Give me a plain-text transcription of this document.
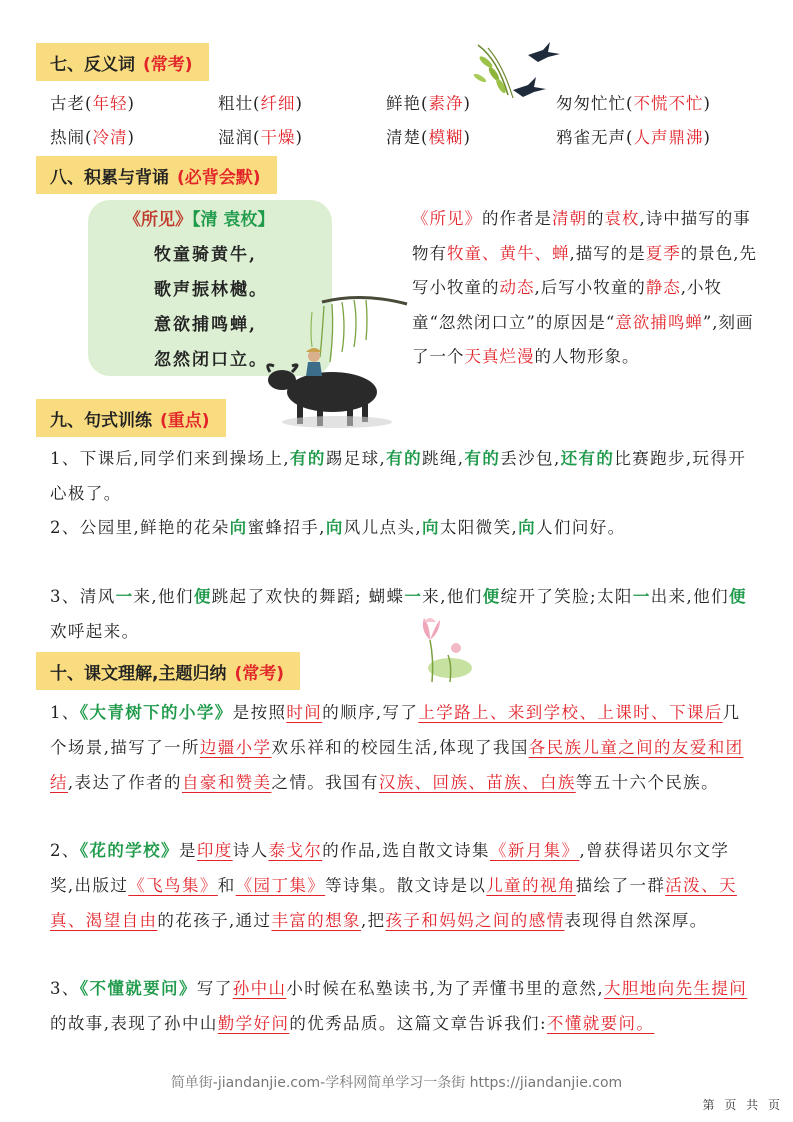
七、反义词 (常考)
古老(年轻)	粗壮(纤细)	鲜艳(素净)	匆匆忙忙(不慌不忙)
热闹(冷清)	湿润(干燥)	清楚(模糊)	鸦雀无声(人声鼎沸)
八、积累与背诵 (必背会默)
《所见》【清 袁枚】
牧童骑黄牛,
歌声振林樾。
意欲捕鸣蝉,
忽然闭口立。
《所见》的作者是清朝的袁枚,诗中描写的事物有牧童、黄牛、蝉,描写的是夏季的景色,先写小牧童的动态,后写小牧童的静态,小牧童“忽然闭口立”的原因是“意欲捕鸣蝉”,刻画了一个天真烂漫的人物形象。
九、句式训练 (重点)
1、下课后,同学们来到操场上,有的踢足球,有的跳绳,有的丢沙包,还有的比赛跑步,玩得开心极了。
2、公园里,鲜艳的花朵向蜜蜂招手,向风儿点头,向太阳微笑,向人们问好。
3、清风一来,他们便跳起了欢快的舞蹈; 蝴蝶一来,他们便绽开了笑脸;太阳一出来,他们便欢呼起来。
十、课文理解,主题归纳 (常考)
1、《大青树下的小学》是按照时间的顺序,写了上学路上、来到学校、上课时、下课后几个场景,描写了一所边疆小学欢乐祥和的校园生活,体现了我国各民族儿童之间的友爱和团结,表达了作者的自豪和赞美之情。我国有汉族、回族、苗族、白族等五十六个民族。
2、《花的学校》是印度诗人泰戈尔的作品,选自散文诗集《新月集》,曾获得诺贝尔文学奖,出版过《飞鸟集》和《园丁集》等诗集。散文诗是以儿童的视角描绘了一群活泼、天真、渴望自由的花孩子,通过丰富的想象,把孩子和妈妈之间的感情表现得自然深厚。
3、《不懂就要问》写了孙中山小时候在私塾读书,为了弄懂书里的意然,大胆地向先生提问的故事,表现了孙中山勤学好问的优秀品质。这篇文章告诉我们:不懂就要问。
简单街-jiandanjie.com-学科网简单学习一条街 https://jiandanjie.com
第 页 共 页
